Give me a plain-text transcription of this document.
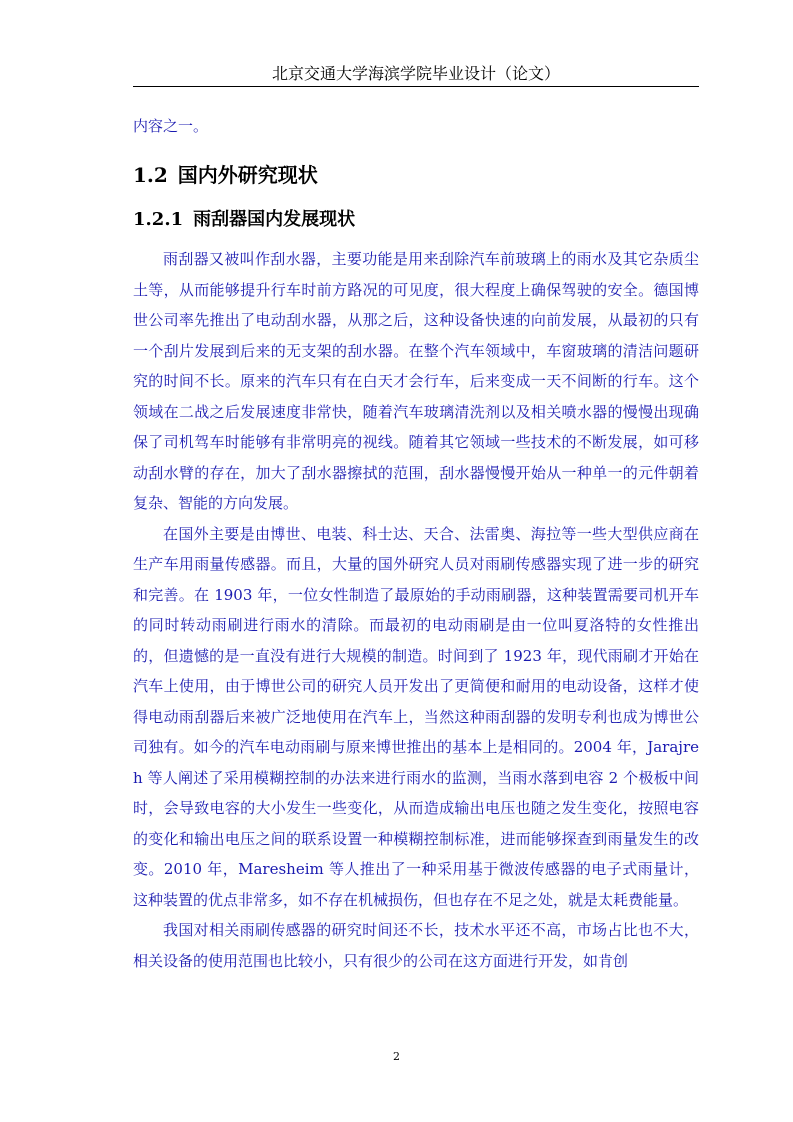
北京交通大学海滨学院毕业设计（论文）
内容之一。
1.2 国内外研究现状
1.2.1 雨刮器国内发展现状

雨刮器又被叫作刮水器，主要功能是用来刮除汽车前玻璃上的雨水及其它杂质尘土等，从而能够提升行车时前方路况的可见度，很大程度上确保驾驶的安全。德国博世公司率先推出了电动刮水器，从那之后，这种设备快速的向前发展，从最初的只有一个刮片发展到后来的无支架的刮水器。在整个汽车领域中，车窗玻璃的清洁问题研究的时间不长。原来的汽车只有在白天才会行车，后来变成一天不间断的行车。这个领域在二战之后发展速度非常快，随着汽车玻璃清洗剂以及相关喷水器的慢慢出现确保了司机驾车时能够有非常明亮的视线。随着其它领域一些技术的不断发展，如可移动刮水臂的存在，加大了刮水器擦拭的范围，刮水器慢慢开始从一种单一的元件朝着复杂、智能的方向发展。

在国外主要是由博世、电装、科士达、天合、法雷奥、海拉等一些大型供应商在生产车用雨量传感器。而且，大量的国外研究人员对雨刷传感器实现了进一步的研究和完善。在 1903 年，一位女性制造了最原始的手动雨刷器，这种装置需要司机开车的同时转动雨刷进行雨水的清除。而最初的电动雨刷是由一位叫夏洛特的女性推出的，但遗憾的是一直没有进行大规模的制造。时间到了 1923 年，现代雨刷才开始在汽车上使用，由于博世公司的研究人员开发出了更简便和耐用的电动设备，这样才使得电动雨刮器后来被广泛地使用在汽车上，当然这种雨刮器的发明专利也成为博世公司独有。如今的汽车电动雨刷与原来博世推出的基本上是相同的。2004 年，Jarajreh 等人阐述了采用模糊控制的办法来进行雨水的监测，当雨水落到电容 2 个极板中间时，会导致电容的大小发生一些变化，从而造成输出电压也随之发生变化，按照电容的变化和输出电压之间的联系设置一种模糊控制标准，进而能够探查到雨量发生的改变。2010 年，Maresheim 等人推出了一种采用基于微波传感器的电子式雨量计，这种装置的优点非常多，如不存在机械损伤，但也存在不足之处，就是太耗费能量。

我国对相关雨刷传感器的研究时间还不长，技术水平还不高，市场占比也不大，相关设备的使用范围也比较小，只有很少的公司在这方面进行开发，如肯创

2
